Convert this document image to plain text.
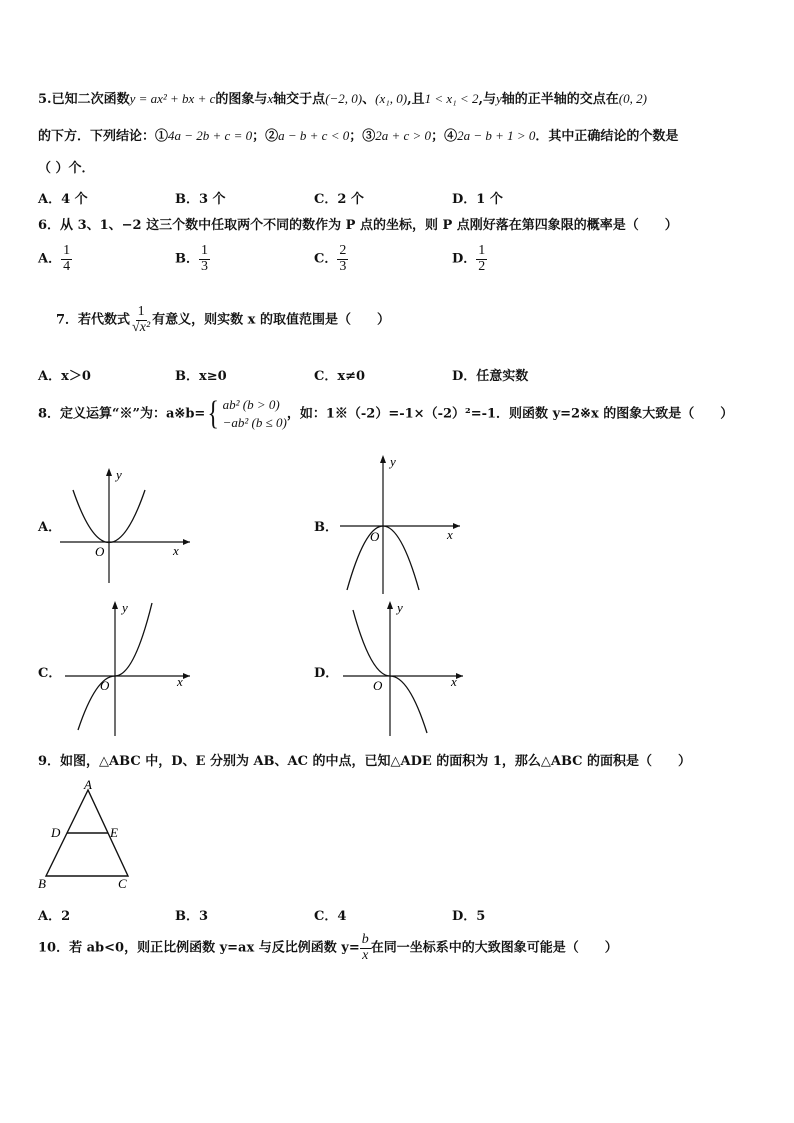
5.已知二次函数y = ax² + bx + c的图象与x轴交于点(−2, 0)、(x₁, 0),且1 < x₁ < 2,与y轴的正半轴的交点在(0, 2)
的下方．下列结论：①4a − 2b + c = 0；②a − b + c < 0；③2a + c > 0；④2a − b + 1 > 0．其中正确结论的个数是
（ ）个．
A．4 个	B．3 个	C．2 个	D．1 个
6．从 3、1、−2 这三个数中任取两个不同的数作为 P 点的坐标，则 P 点刚好落在第四象限的概率是（　　）
A． $\frac{1}{4}$	B． $\frac{1}{3}$	C． $\frac{2}{3}$	D． $\frac{1}{2}$
7．若代数式 $\frac{1}{\text{√x²}}$ 有意义，则实数 x 的取值范围是（　　）
A．x＞0	B．x≥0	C．x≠0	D．任意实数
8．定义运算“※”为：a※b= { ab² (b > 0)
−ab² (b ≤ 0)
，如：1※（-2）=-1×（-2）²=-1．则函数 y=2※x 的图象大致是（　　）
A．
y
x
O
B．
y
x
O
C．
y
x
O
D．
y
x
O
9．如图，△ABC 中，D、E 分别为 AB、AC 的中点，已知△ADE 的面积为 1，那么△ABC 的面积是（　　）
A
D	E
B	C
A．2	B．3	C．4	D．5
10．若 ab<0，则正比例函数 y=ax 与反比例函数 $y= \frac{b}{x}$ 在同一坐标系中的大致图象可能是（　　）
